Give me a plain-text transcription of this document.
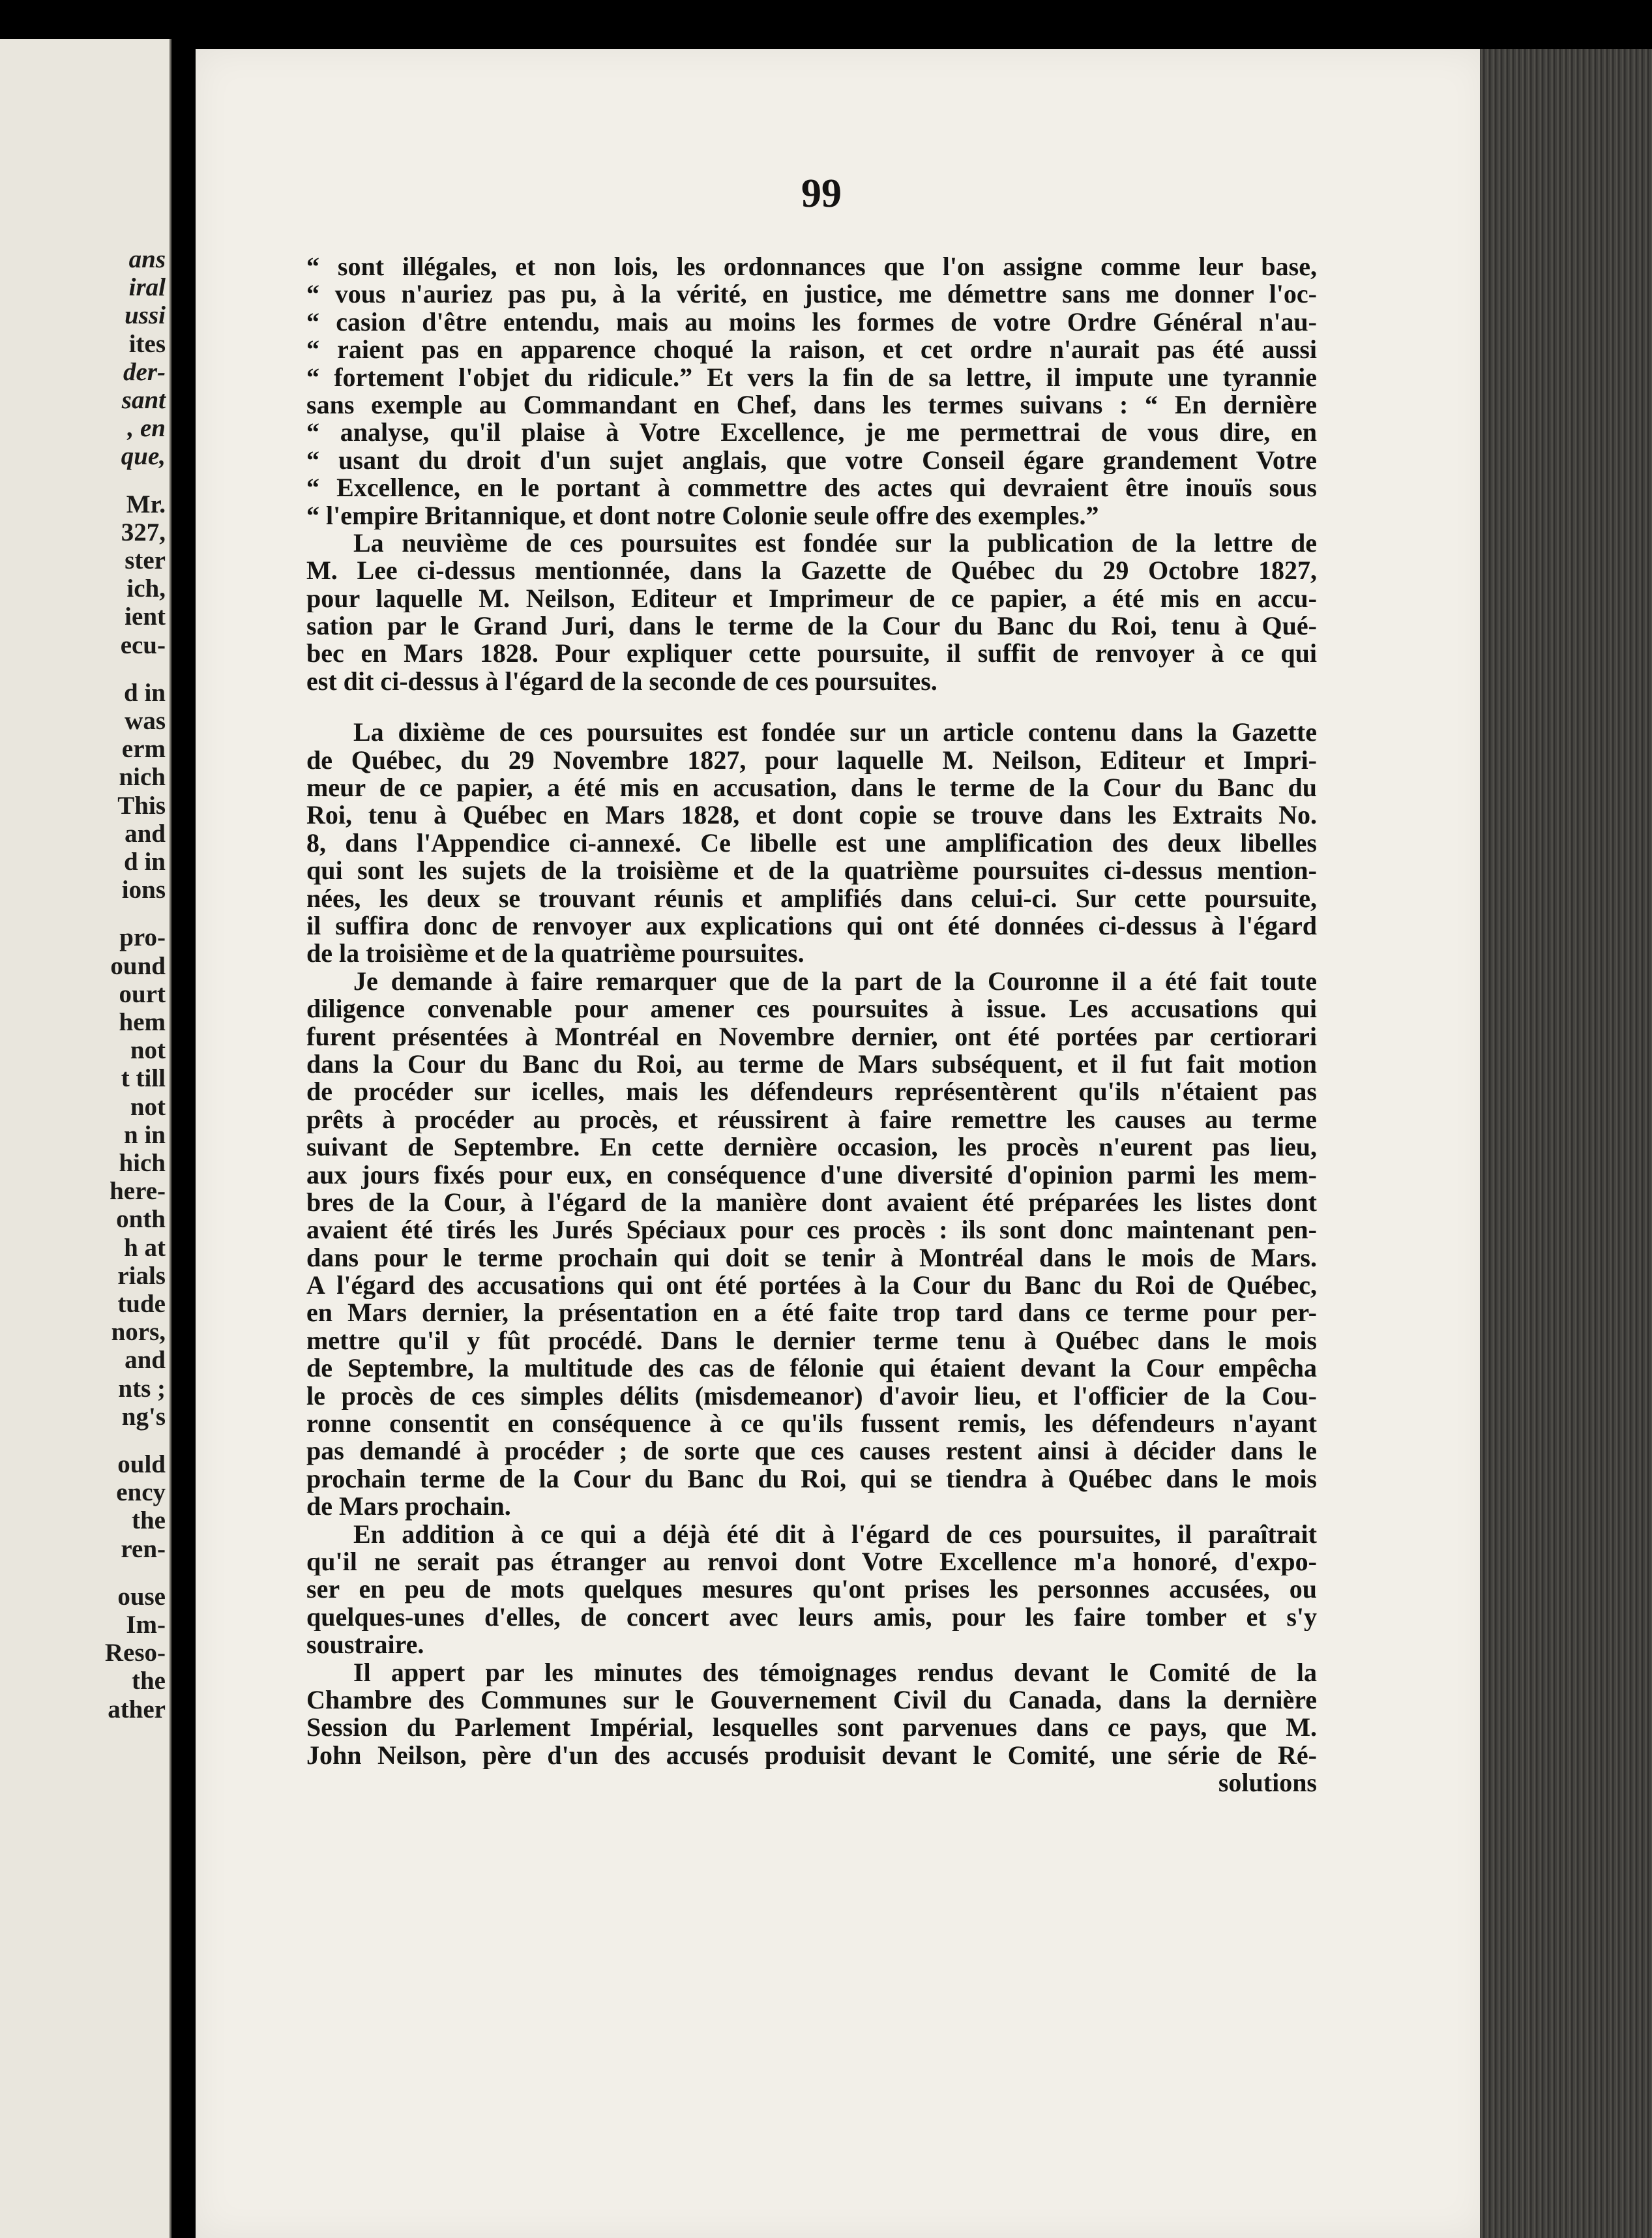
ans
iral
ussi
ites
der-
sant
, en
que,
Mr.
327,
ster
ich,
ient
ecu-
d in
was
erm
nich
This
and
d in
ions
pro-
ound
ourt
hem
not
t till
not
n in
hich
here-
onth
h at
rials
tude
nors,
and
nts ;
ng's
ould
ency
the
ren-
ouse
Im-
Reso-
the
ather
99
“ sont illégales, et non lois, les ordonnances que l'on assigne comme leur base,
“ vous n'auriez pas pu, à la vérité, en justice, me démettre sans me donner l'oc-
“ casion d'être entendu, mais au moins les formes de votre Ordre Général n'au-
“ raient pas en apparence choqué la raison, et cet ordre n'aurait pas été aussi
“ fortement l'objet du ridicule.” Et vers la fin de sa lettre, il impute une tyrannie
sans exemple au Commandant en Chef, dans les termes suivans : “ En dernière
“ analyse, qu'il plaise à Votre Excellence, je me permettrai de vous dire, en
“ usant du droit d'un sujet anglais, que votre Conseil égare grandement Votre
“ Excellence, en le portant à commettre des actes qui devraient être inouïs sous
“ l'empire Britannique, et dont notre Colonie seule offre des exemples.”
La neuvième de ces poursuites est fondée sur la publication de la lettre de
M. Lee ci-dessus mentionnée, dans la Gazette de Québec du 29 Octobre 1827,
pour laquelle M. Neilson, Editeur et Imprimeur de ce papier, a été mis en accu-
sation par le Grand Juri, dans le terme de la Cour du Banc du Roi, tenu à Qué-
bec en Mars 1828. Pour expliquer cette poursuite, il suffit de renvoyer à ce qui
est dit ci-dessus à l'égard de la seconde de ces poursuites.
La dixième de ces poursuites est fondée sur un article contenu dans la Gazette
de Québec, du 29 Novembre 1827, pour laquelle M. Neilson, Editeur et Impri-
meur de ce papier, a été mis en accusation, dans le terme de la Cour du Banc du
Roi, tenu à Québec en Mars 1828, et dont copie se trouve dans les Extraits No.
8, dans l'Appendice ci-annexé. Ce libelle est une amplification des deux libelles
qui sont les sujets de la troisième et de la quatrième poursuites ci-dessus mention-
nées, les deux se trouvant réunis et amplifiés dans celui-ci. Sur cette poursuite,
il suffira donc de renvoyer aux explications qui ont été données ci-dessus à l'égard
de la troisième et de la quatrième poursuites.
Je demande à faire remarquer que de la part de la Couronne il a été fait toute
diligence convenable pour amener ces poursuites à issue. Les accusations qui
furent présentées à Montréal en Novembre dernier, ont été portées par certiorari
dans la Cour du Banc du Roi, au terme de Mars subséquent, et il fut fait motion
de procéder sur icelles, mais les défendeurs représentèrent qu'ils n'étaient pas
prêts à procéder au procès, et réussirent à faire remettre les causes au terme
suivant de Septembre. En cette dernière occasion, les procès n'eurent pas lieu,
aux jours fixés pour eux, en conséquence d'une diversité d'opinion parmi les mem-
bres de la Cour, à l'égard de la manière dont avaient été préparées les listes dont
avaient été tirés les Jurés Spéciaux pour ces procès : ils sont donc maintenant pen-
dans pour le terme prochain qui doit se tenir à Montréal dans le mois de Mars.
A l'égard des accusations qui ont été portées à la Cour du Banc du Roi de Québec,
en Mars dernier, la présentation en a été faite trop tard dans ce terme pour per-
mettre qu'il y fût procédé. Dans le dernier terme tenu à Québec dans le mois
de Septembre, la multitude des cas de félonie qui étaient devant la Cour empêcha
le procès de ces simples délits (misdemeanor) d'avoir lieu, et l'officier de la Cou-
ronne consentit en conséquence à ce qu'ils fussent remis, les défendeurs n'ayant
pas demandé à procéder ; de sorte que ces causes restent ainsi à décider dans le
prochain terme de la Cour du Banc du Roi, qui se tiendra à Québec dans le mois
de Mars prochain.
En addition à ce qui a déjà été dit à l'égard de ces poursuites, il paraîtrait
qu'il ne serait pas étranger au renvoi dont Votre Excellence m'a honoré, d'expo-
ser en peu de mots quelques mesures qu'ont prises les personnes accusées, ou
quelques-unes d'elles, de concert avec leurs amis, pour les faire tomber et s'y
soustraire.
Il appert par les minutes des témoignages rendus devant le Comité de la
Chambre des Communes sur le Gouvernement Civil du Canada, dans la dernière
Session du Parlement Impérial, lesquelles sont parvenues dans ce pays, que M.
John Neilson, père d'un des accusés produisit devant le Comité, une série de Ré-
solutions
